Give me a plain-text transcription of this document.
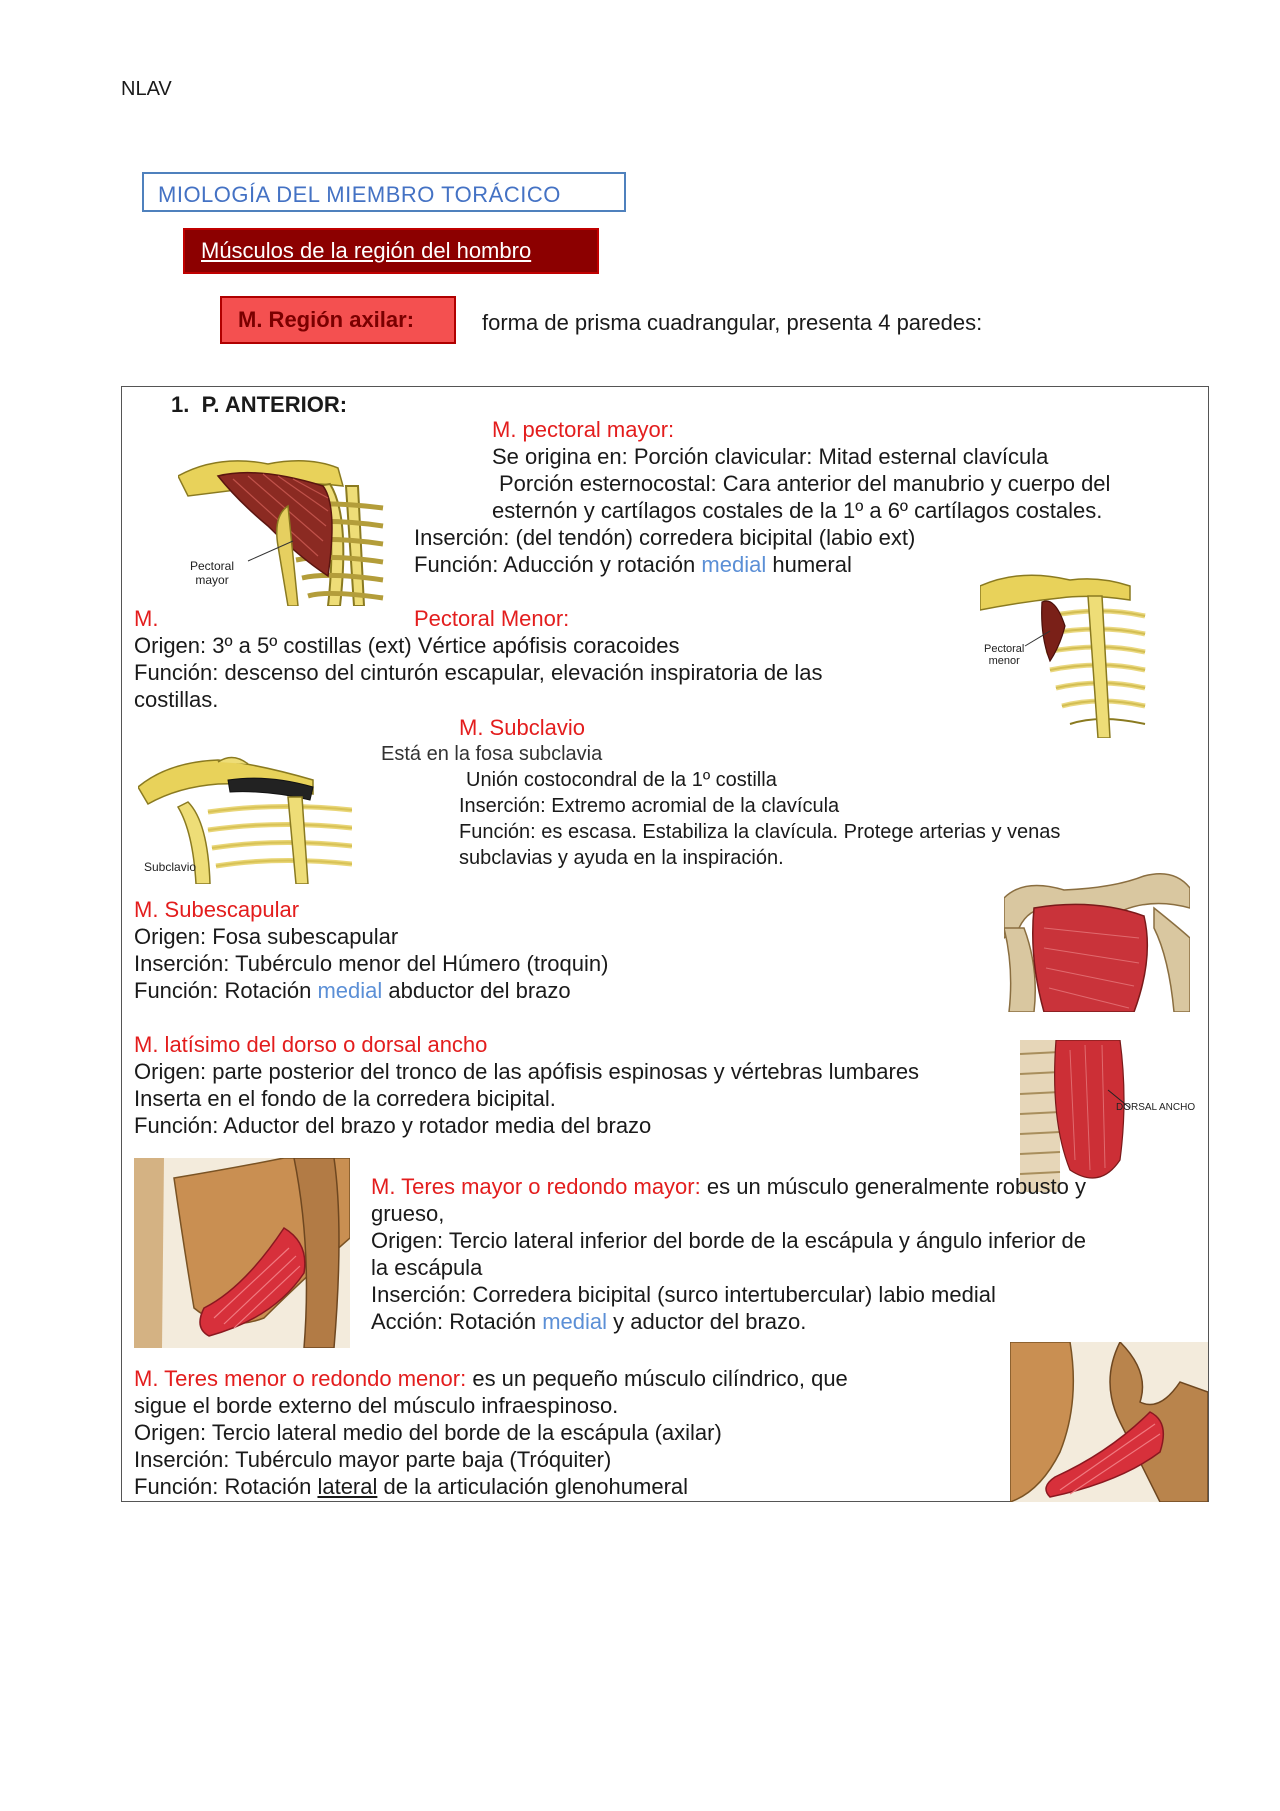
NLAV
MIOLOGÍA DEL MIEMBRO TORÁCICO
Músculos de la región del hombro
M. Región axilar:	forma de prisma cuadrangular, presenta 4 paredes:
1. P. ANTERIOR:
Pectoral
mayor
M. pectoral mayor:
Se origina en: Porción clavicular: Mitad esternal clavícula
Porción esternocostal: Cara anterior del manubrio y cuerpo del
esternón y cartílagos costales de la 1º a 6º cartílagos costales.
Inserción: (del tendón) corredera bicipital (labio ext)
Función: Aducción y rotación medial humeral
Pectoral
menor
M.	Pectoral Menor:
Origen: 3º a 5º costillas (ext) Vértice apófisis coracoides
Función: descenso del cinturón escapular, elevación inspiratoria de las
costillas.
Subclavio
M. Subclavio
Está en la fosa subclavia
Unión costocondral de la 1º costilla
Inserción: Extremo acromial de la clavícula
Función: es escasa. Estabiliza la clavícula. Protege arterias y venas
subclavias y ayuda en la inspiración.
M. Subescapular
Origen: Fosa subescapular
Inserción: Tubérculo menor del Húmero (troquin)
Función: Rotación medial abductor del brazo
DORSAL ANCHO
M. latísimo del dorso o dorsal ancho
Origen: parte posterior del tronco de las apófisis espinosas y vértebras lumbares
Inserta en el fondo de la corredera bicipital.
Función: Aductor del brazo y rotador media del brazo
M. Teres mayor o redondo mayor: es un músculo generalmente robusto y
grueso,
Origen: Tercio lateral inferior del borde de la escápula y ángulo inferior de
la escápula
Inserción: Corredera bicipital (surco intertubercular) labio medial
Acción: Rotación medial y aductor del brazo.
M. Teres menor o redondo menor: es un pequeño músculo cilíndrico, que
sigue el borde externo del músculo infraespinoso.
Origen: Tercio lateral medio del borde de la escápula (axilar)
Inserción: Tubérculo mayor parte baja (Tróquiter)
Función: Rotación lateral de la articulación glenohumeral
